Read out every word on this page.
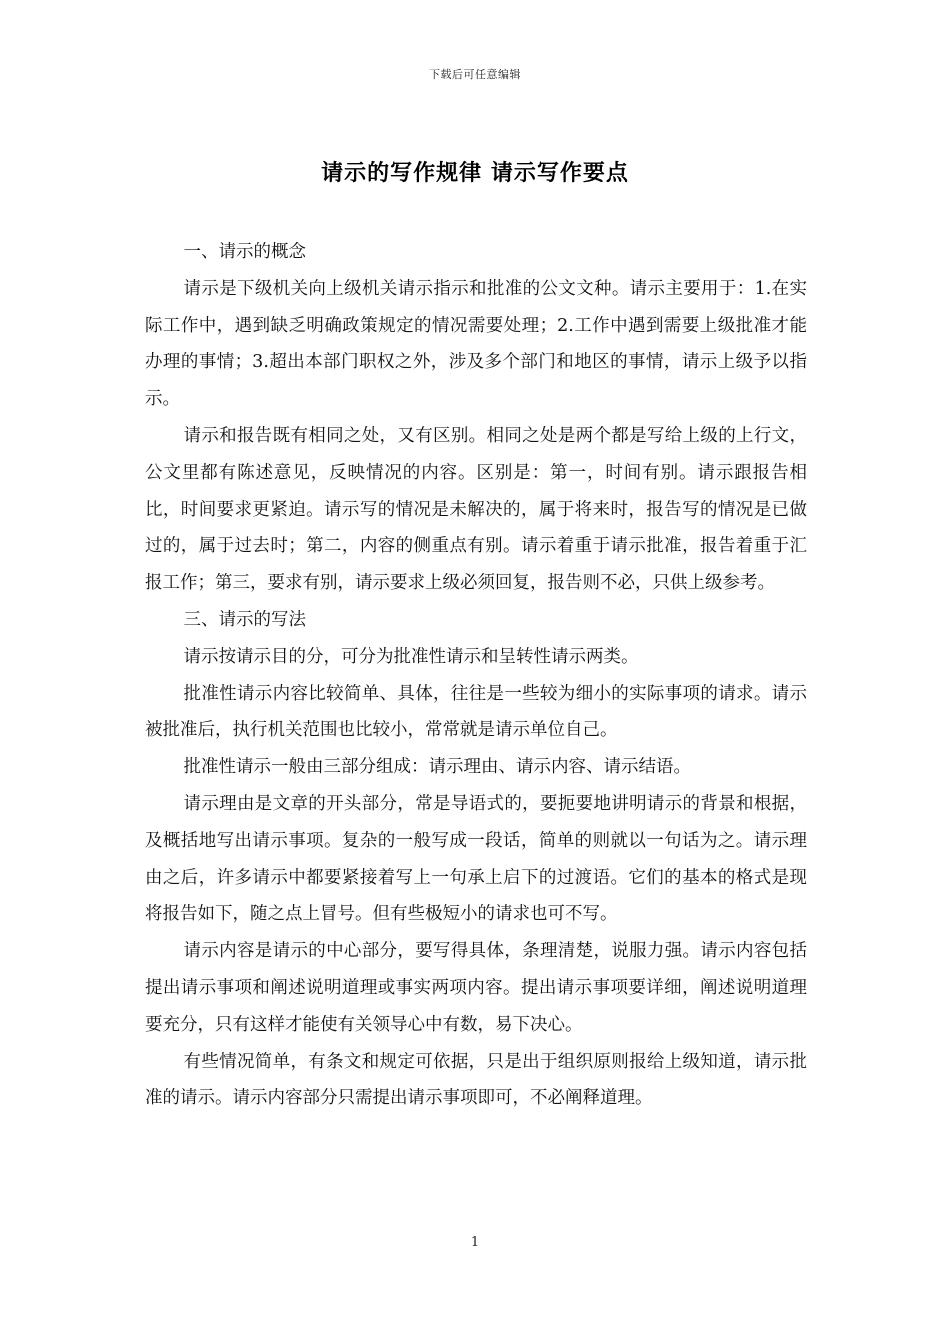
下载后可任意编辑
请示的写作规律 请示写作要点

一、请示的概念

请示是下级机关向上级机关请示指示和批准的公文文种。请示主要用于：1.在实际工作中，遇到缺乏明确政策规定的情况需要处理；2.工作中遇到需要上级批准才能办理的事情；3.超出本部门职权之外，涉及多个部门和地区的事情，请示上级予以指示。

请示和报告既有相同之处，又有区别。相同之处是两个都是写给上级的上行文，公文里都有陈述意见，反映情况的内容。区别是：第一，时间有别。请示跟报告相比，时间要求更紧迫。请示写的情况是未解决的，属于将来时，报告写的情况是已做过的，属于过去时；第二，内容的侧重点有别。请示着重于请示批准，报告着重于汇报工作；第三，要求有别，请示要求上级必须回复，报告则不必，只供上级参考。

三、请示的写法

请示按请示目的分，可分为批准性请示和呈转性请示两类。

批准性请示内容比较简单、具体，往往是一些较为细小的实际事项的请求。请示被批准后，执行机关范围也比较小，常常就是请示单位自己。

批准性请示一般由三部分组成：请示理由、请示内容、请示结语。

请示理由是文章的开头部分，常是导语式的，要扼要地讲明请示的背景和根据，及概括地写出请示事项。复杂的一般写成一段话，简单的则就以一句话为之。请示理由之后，许多请示中都要紧接着写上一句承上启下的过渡语。它们的基本的格式是现将报告如下，随之点上冒号。但有些极短小的请求也可不写。

请示内容是请示的中心部分，要写得具体，条理清楚，说服力强。请示内容包括提出请示事项和阐述说明道理或事实两项内容。提出请示事项要详细，阐述说明道理要充分，只有这样才能使有关领导心中有数，易下决心。

有些情况简单，有条文和规定可依据，只是出于组织原则报给上级知道，请示批准的请示。请示内容部分只需提出请示事项即可，不必阐释道理。

1
